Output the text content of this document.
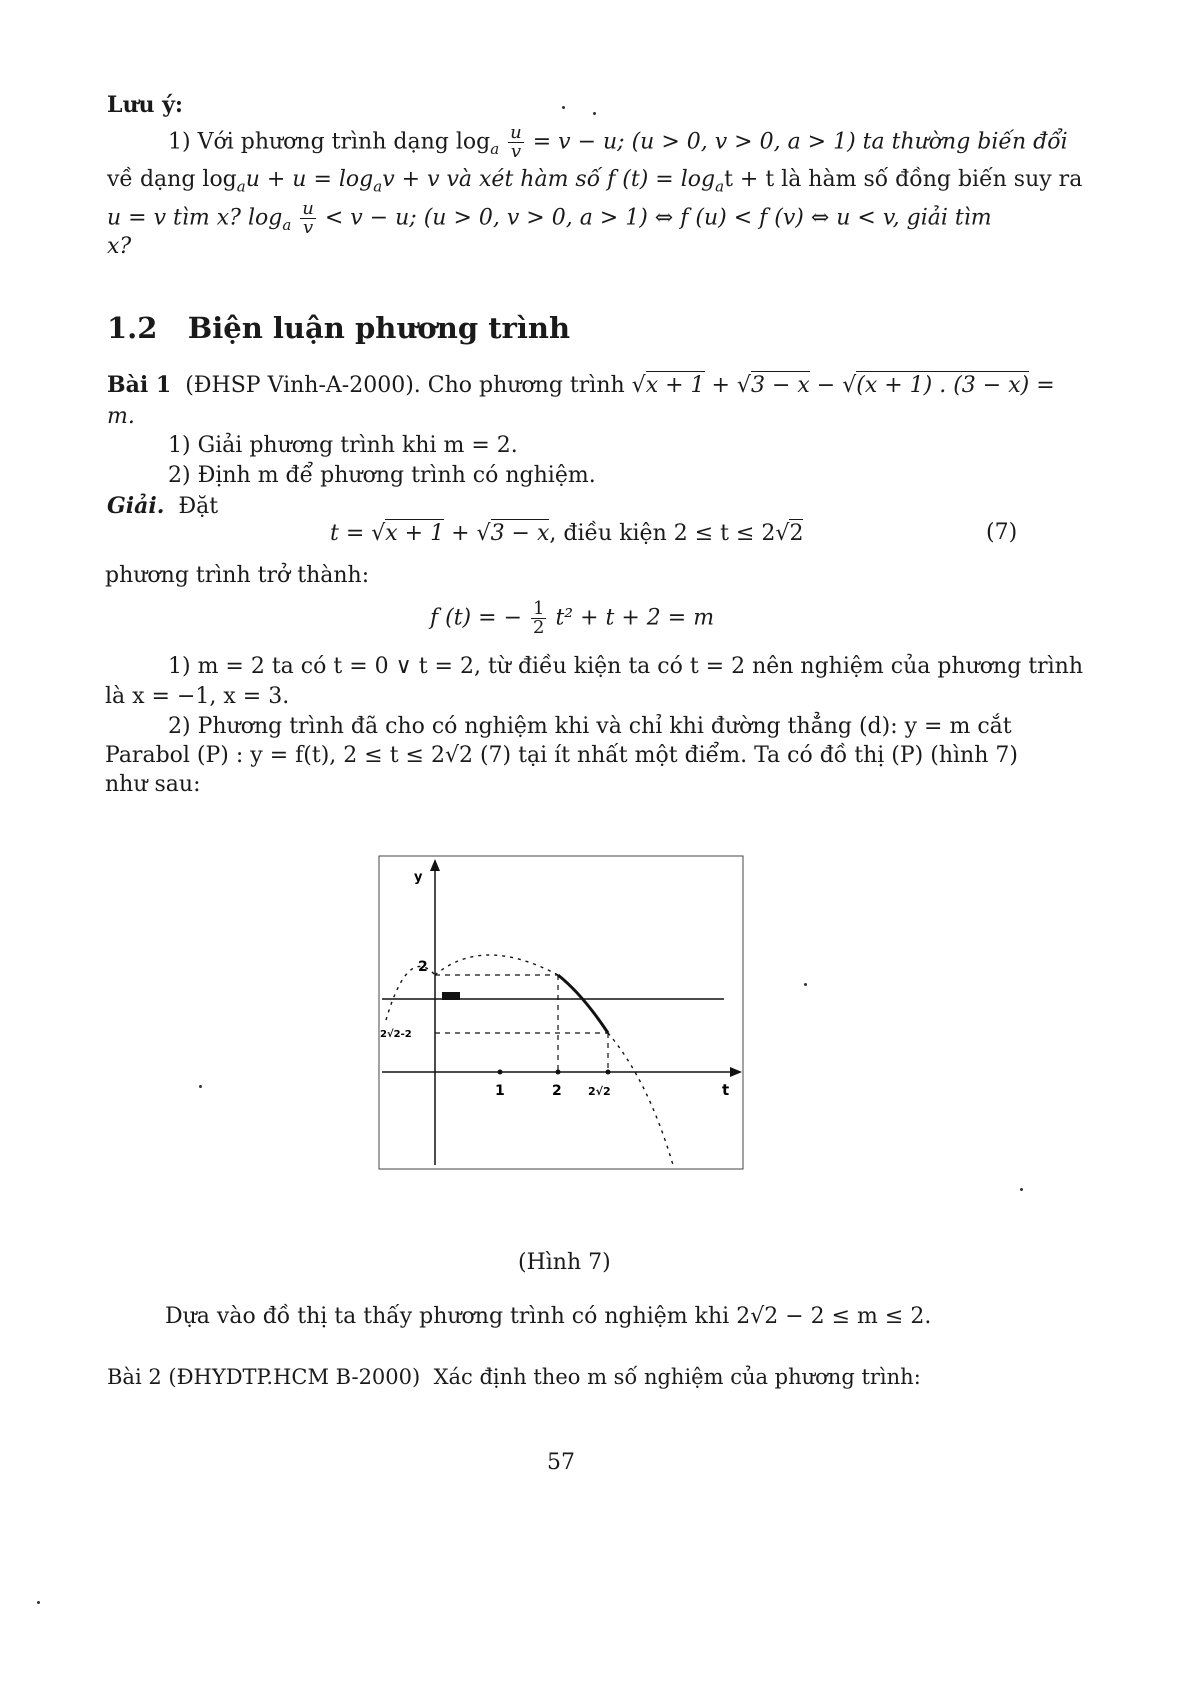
Lưu ý:
1) Với phương trình dạng $\log_a \frac{u}{v} = v - u$; (u > 0, v > 0, a > 1) ta thường biến đổi
về dạng $\log_au + u = \log_av + v$ và xét hàm số f $(t) = \log_at + t$ là hàm số đồng biến suy ra
u = v tìm x? $\log_a \frac{u}{v} < v - u$; (u > 0, v > 0, a > 1) ⇔ f (u) < f (v) ⇔ u < v, giải tìm
x?
1.2 Biện luận phương trình
Bài 1 (ĐHSP Vinh-A-2000). Cho phương trình √x + 1 + √3 − x − √(x + 1) . (3 − x) =
m.
1) Giải phương trình khi m = 2.
2) Định m để phương trình có nghiệm.
Giải. Đặt
t = √x + 1 + √3 − x, điều kiện 2 ≤ t ≤ 2√2	(7)
phương trình trở thành:
f (t) = − $\frac{1}{2} t^2 + t + 2 = m$
1) m = 2 ta có t = 0 ∨ t = 2, từ điều kiện ta có t = 2 nên nghiệm của phương trình
là x = −1, x = 3.
2) Phương trình đã cho có nghiệm khi và chỉ khi đường thẳng (d): y = m cắt
Parabol (P) : y = f(t), 2 ≤ t ≤ 2√2 (7) tại ít nhất một điểm. Ta có đồ thị (P) (hình 7)
như sau:
y
t
2
2√2-2
1	2 2√2
(Hình 7)
Dựa vào đồ thị ta thấy phương trình có nghiệm khi 2√2 − 2 ≤ m ≤ 2.
Bài 2 (ĐHYDTP.HCM B-2000) Xác định theo m số nghiệm của phương trình:
57
